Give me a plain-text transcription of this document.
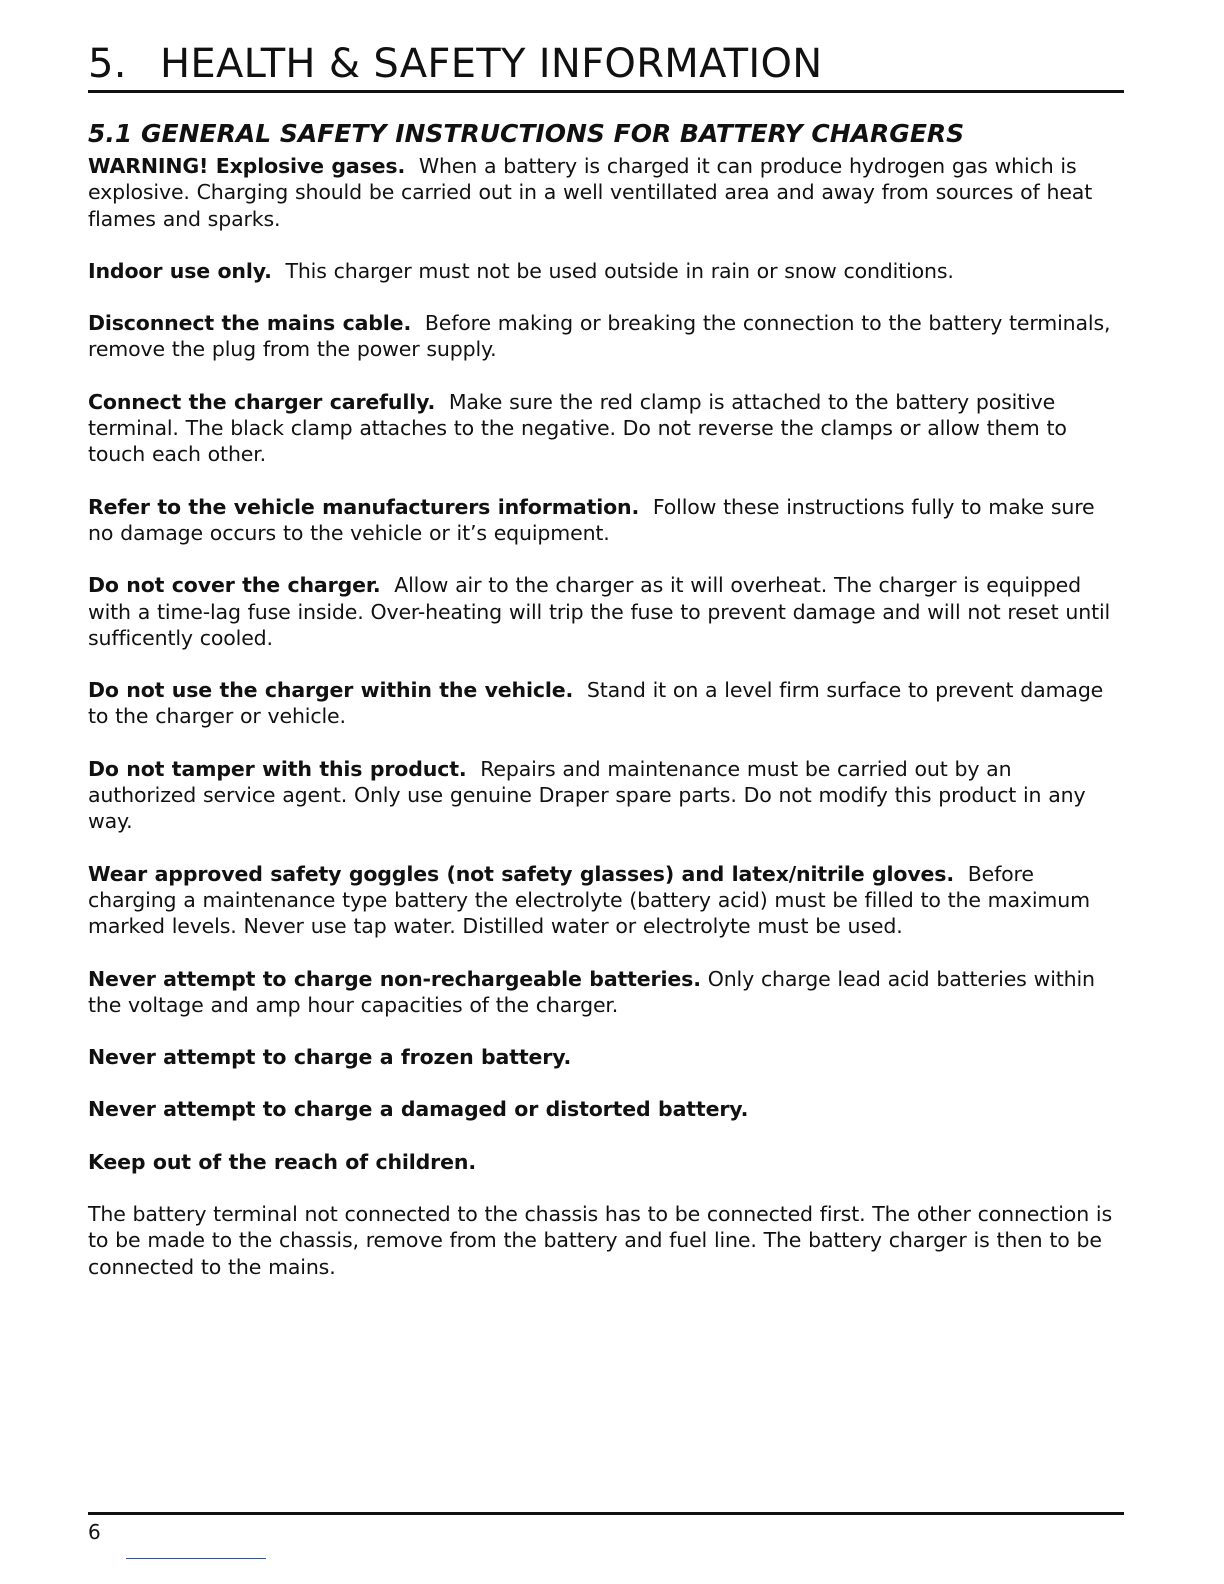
5. HEALTH & SAFETY INFORMATION
5.1 GENERAL SAFETY INSTRUCTIONS FOR BATTERY CHARGERS

WARNING! Explosive gases. When a battery is charged it can produce hydrogen gas which is explosive. Charging should be carried out in a well ventillated area and away from sources of heat flames and sparks.

Indoor use only. This charger must not be used outside in rain or snow conditions.

Disconnect the mains cable. Before making or breaking the connection to the battery terminals, remove the plug from the power supply.

Connect the charger carefully. Make sure the red clamp is attached to the battery positive terminal. The black clamp attaches to the negative. Do not reverse the clamps or allow them to touch each other.

Refer to the vehicle manufacturers information. Follow these instructions fully to make sure no damage occurs to the vehicle or it’s equipment.

Do not cover the charger. Allow air to the charger as it will overheat. The charger is equipped with a time-lag fuse inside. Over-heating will trip the fuse to prevent damage and will not reset until sufficently cooled.

Do not use the charger within the vehicle. Stand it on a level firm surface to prevent damage to the charger or vehicle.

Do not tamper with this product. Repairs and maintenance must be carried out by an authorized service agent. Only use genuine Draper spare parts. Do not modify this product in any way.

Wear approved safety goggles (not safety glasses) and latex/nitrile gloves. Before charging a maintenance type battery the electrolyte (battery acid) must be filled to the maximum marked levels. Never use tap water. Distilled water or electrolyte must be used.

Never attempt to charge non-rechargeable batteries. Only charge lead acid batteries within the voltage and amp hour capacities of the charger.

Never attempt to charge a frozen battery.

Never attempt to charge a damaged or distorted battery.

Keep out of the reach of children.

The battery terminal not connected to the chassis has to be connected first. The other connection is to be made to the chassis, remove from the battery and fuel line. The battery charger is then to be connected to the mains.

6
